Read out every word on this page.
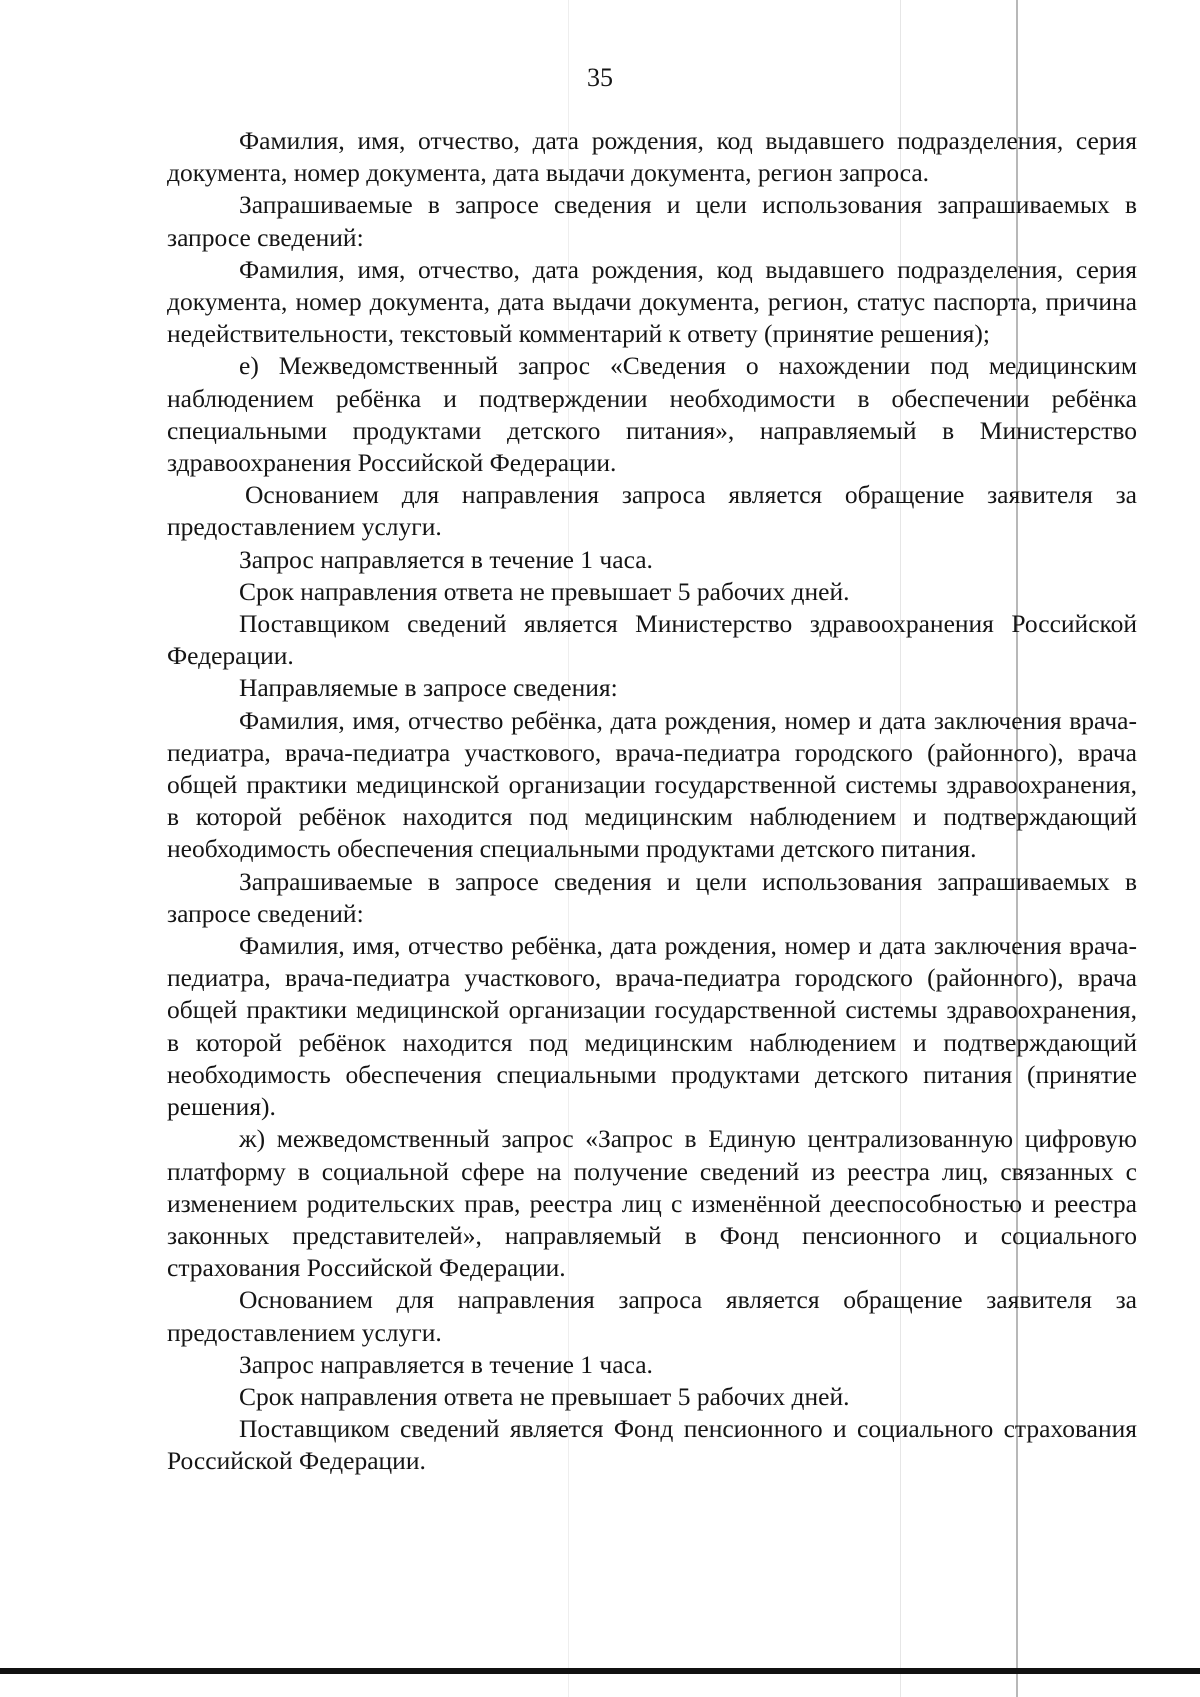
35

Фамилия, имя, отчество, дата рождения, код выдавшего подразделения, серия документа, номер документа, дата выдачи документа, регион запроса.

Запрашиваемые в запросе сведения и цели использования запрашиваемых в запросе сведений:

Фамилия, имя, отчество, дата рождения, код выдавшего подразделения, серия документа, номер документа, дата выдачи документа, регион, статус паспорта, причина недействительности, текстовый комментарий к ответу (принятие решения);

е) Межведомственный запрос «Сведения о нахождении под медицинским наблюдением ребёнка и подтверждении необходимости в обеспечении ребёнка специальными продуктами детского питания», направляемый в Министерство здравоохранения Российской Федерации.

Основанием для направления запроса является обращение заявителя за предоставлением услуги.

Запрос направляется в течение 1 часа.

Срок направления ответа не превышает 5 рабочих дней.

Поставщиком сведений является Министерство здравоохранения Российской Федерации.

Направляемые в запросе сведения:

Фамилия, имя, отчество ребёнка, дата рождения, номер и дата заключения врача-педиатра, врача-педиатра участкового, врача-педиатра городского (районного), врача общей практики медицинской организации государственной системы здравоохранения, в которой ребёнок находится под медицинским наблюдением и подтверждающий необходимость обеспечения специальными продуктами детского питания.

Запрашиваемые в запросе сведения и цели использования запрашиваемых в запросе сведений:

Фамилия, имя, отчество ребёнка, дата рождения, номер и дата заключения врача-педиатра, врача-педиатра участкового, врача-педиатра городского (районного), врача общей практики медицинской организации государственной системы здравоохранения, в которой ребёнок находится под медицинским наблюдением и подтверждающий необходимость обеспечения специальными продуктами детского питания (принятие решения).

ж) межведомственный запрос «Запрос в Единую централизованную цифровую платформу в социальной сфере на получение сведений из реестра лиц, связанных с изменением родительских прав, реестра лиц с изменённой дееспособностью и реестра законных представителей», направляемый в Фонд пенсионного и социального страхования Российской Федерации.

Основанием для направления запроса является обращение заявителя за предоставлением услуги.

Запрос направляется в течение 1 часа.

Срок направления ответа не превышает 5 рабочих дней.

Поставщиком сведений является Фонд пенсионного и социального страхования Российской Федерации.
